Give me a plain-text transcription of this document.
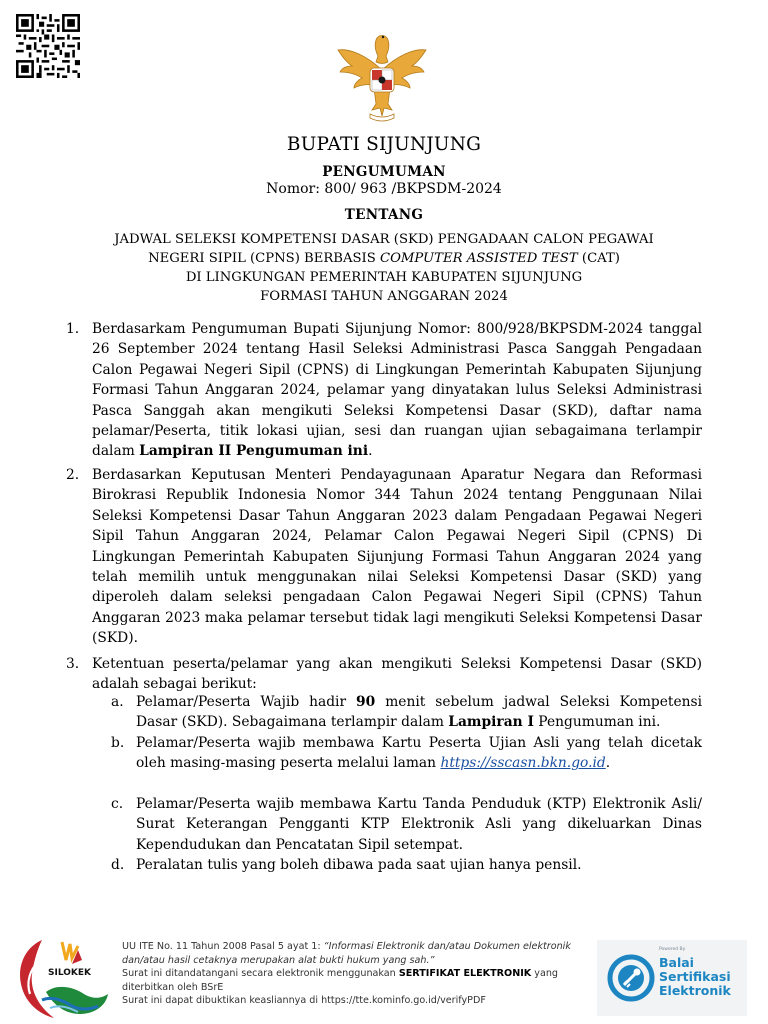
BUPATI SIJUNJUNG
PENGUMUMAN
Nomor: 800/ 963 /BKPSDM-2024
TENTANG
JADWAL SELEKSI KOMPETENSI DASAR (SKD) PENGADAAN CALON PEGAWAI
NEGERI SIPIL (CPNS) BERBASIS COMPUTER ASSISTED TEST (CAT)
DI LINGKUNGAN PEMERINTAH KABUPATEN SIJUNJUNG
FORMASI TAHUN ANGGARAN 2024
1. Berdasarkam Pengumuman Bupati Sijunjung Nomor: 800/928/BKPSDM-2024 tanggal 26 September 2024 tentang Hasil Seleksi Administrasi Pasca Sanggah Pengadaan Calon Pegawai Negeri Sipil (CPNS) di Lingkungan Pemerintah Kabupaten Sijunjung Formasi Tahun Anggaran 2024, pelamar yang dinyatakan lulus Seleksi Administrasi Pasca Sanggah akan mengikuti Seleksi Kompetensi Dasar (SKD), daftar nama pelamar/Peserta, titik lokasi ujian, sesi dan ruangan ujian sebagaimana terlampir dalam Lampiran II Pengumuman ini.
2. Berdasarkan Keputusan Menteri Pendayagunaan Aparatur Negara dan Reformasi Birokrasi Republik Indonesia Nomor 344 Tahun 2024 tentang Penggunaan Nilai Seleksi Kompetensi Dasar Tahun Anggaran 2023 dalam Pengadaan Pegawai Negeri Sipil Tahun Anggaran 2024, Pelamar Calon Pegawai Negeri Sipil (CPNS) Di Lingkungan Pemerintah Kabupaten Sijunjung Formasi Tahun Anggaran 2024 yang telah memilih untuk menggunakan nilai Seleksi Kompetensi Dasar (SKD) yang diperoleh dalam seleksi pengadaan Calon Pegawai Negeri Sipil (CPNS) Tahun Anggaran 2023 maka pelamar tersebut tidak lagi mengikuti Seleksi Kompetensi Dasar (SKD).
3. Ketentuan peserta/pelamar yang akan mengikuti Seleksi Kompetensi Dasar (SKD) adalah sebagai berikut:
a. Pelamar/Peserta Wajib hadir 90 menit sebelum jadwal Seleksi Kompetensi Dasar (SKD). Sebagaimana terlampir dalam Lampiran I Pengumuman ini.
b. Pelamar/Peserta wajib membawa Kartu Peserta Ujian Asli yang telah dicetak oleh masing-masing peserta melalui laman https://sscasn.bkn.go.id.
c. Pelamar/Peserta wajib membawa Kartu Tanda Penduduk (KTP) Elektronik Asli/ Surat Keterangan Pengganti KTP Elektronik Asli yang dikeluarkan Dinas Kependudukan dan Pencatatan Sipil setempat.
d. Peralatan tulis yang boleh dibawa pada saat ujian hanya pensil.
SILOKEK
UU ITE No. 11 Tahun 2008 Pasal 5 ayat 1: “Informasi Elektronik dan/atau Dokumen elektronik dan/atau hasil cetaknya merupakan alat bukti hukum yang sah.”
Surat ini ditandatangani secara elektronik menggunakan SERTIFIKAT ELEKTRONIK yang diterbitkan oleh BSrE
Surat ini dapat dibuktikan keasliannya di https://tte.kominfo.go.id/verifyPDF
Powered By
Balai
Sertifikasi
Elektronik
